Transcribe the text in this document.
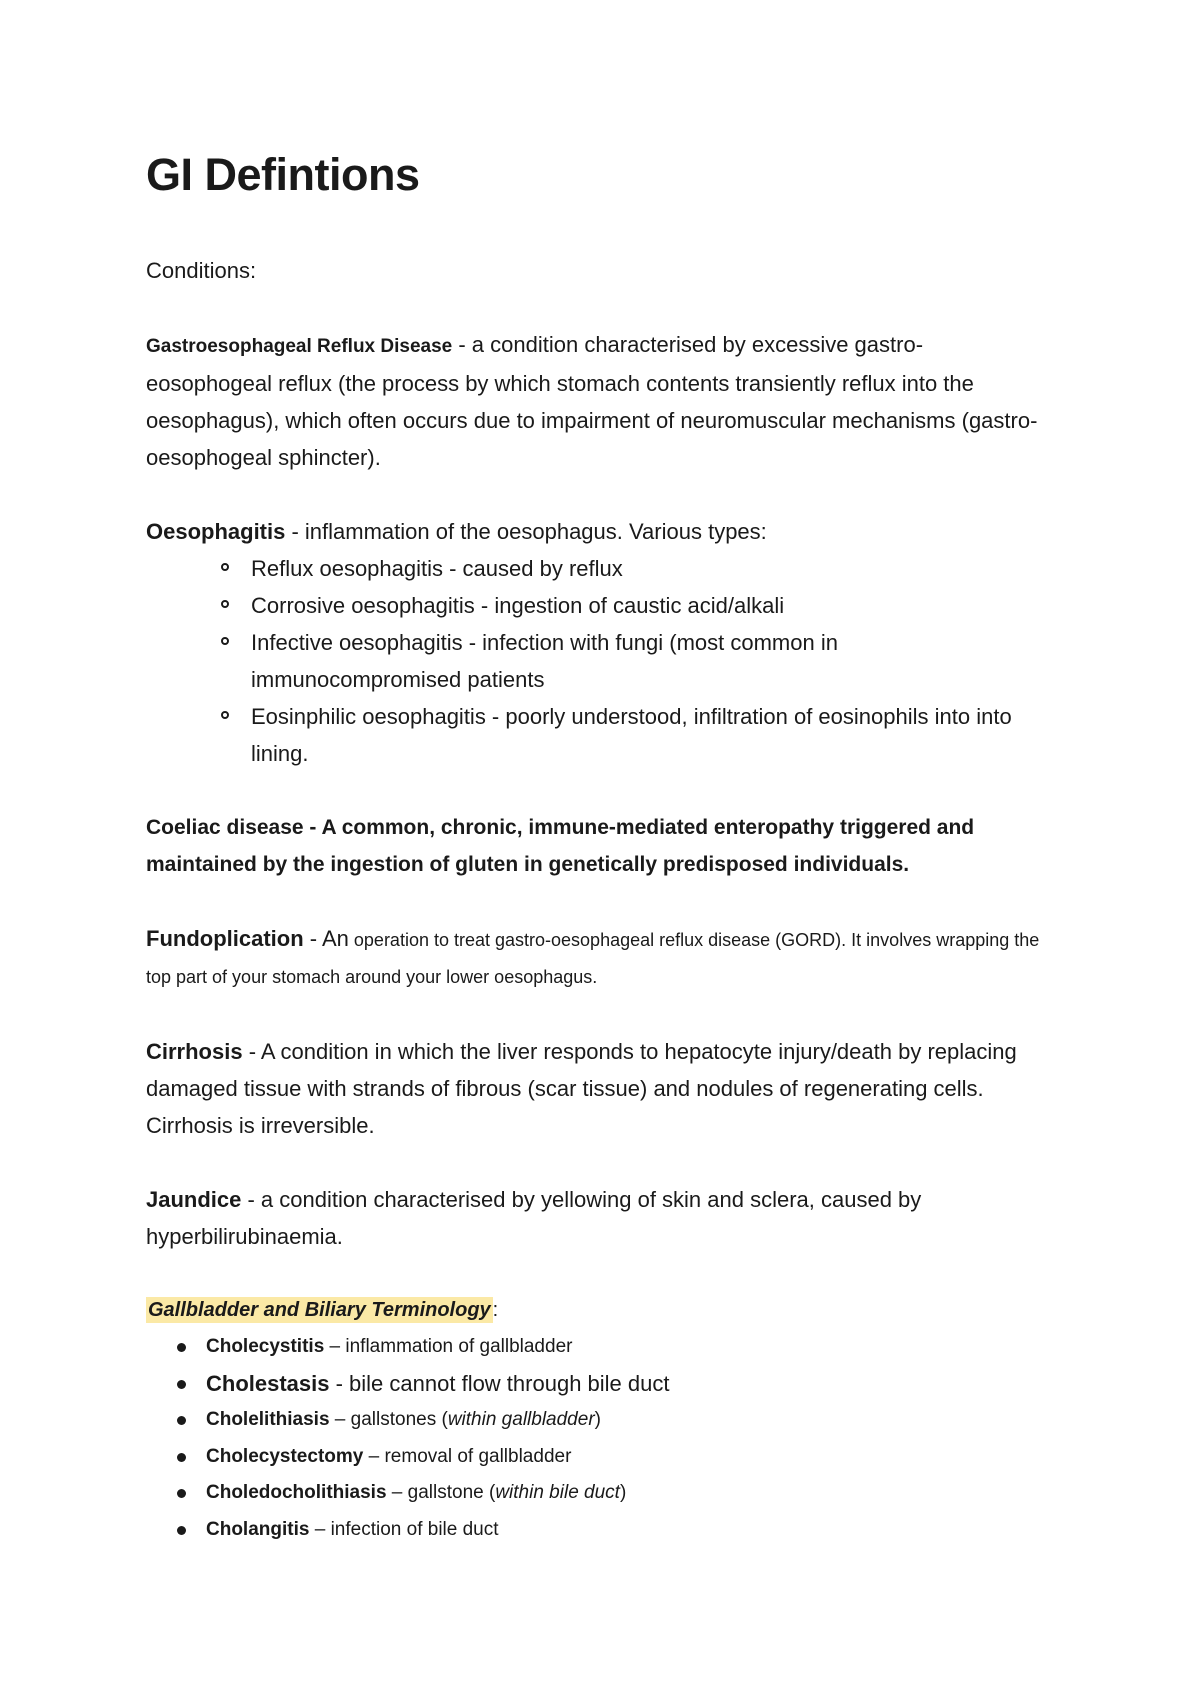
GI Defintions
Conditions:

Gastroesophageal Reflux Disease - a condition characterised by excessive gastro-eosophogeal reflux (the process by which stomach contents transiently reflux into the oesophagus), which often occurs due to impairment of neuromuscular mechanisms (gastro-oesophogeal sphincter).

Oesophagitis - inflammation of the oesophagus. Various types:

Reflux oesophagitis - caused by reflux
Corrosive oesophagitis - ingestion of caustic acid/alkali
Infective oesophagitis - infection with fungi (most common in immunocompromised patients
Eosinphilic oesophagitis - poorly understood, infiltration of eosinophils into into lining.

Coeliac disease - A common, chronic, immune-mediated enteropathy triggered and maintained by the ingestion of gluten in genetically predisposed individuals.

Fundoplication - An operation to treat gastro-oesophageal reflux disease (GORD). It involves wrapping the top part of your stomach around your lower oesophagus.

Cirrhosis - A condition in which the liver responds to hepatocyte injury/death by replacing damaged tissue with strands of fibrous (scar tissue) and nodules of regenerating cells. Cirrhosis is irreversible.

Jaundice - a condition characterised by yellowing of skin and sclera, caused by hyperbilirubinaemia.

Gallbladder and Biliary Terminology :
Cholecystitis – inflammation of gallbladder
Cholestasis - bile cannot flow through bile duct
Cholelithiasis – gallstones (within gallbladder)
Cholecystectomy – removal of gallbladder
Choledocholithiasis – gallstone (within bile duct)
Cholangitis – infection of bile duct
